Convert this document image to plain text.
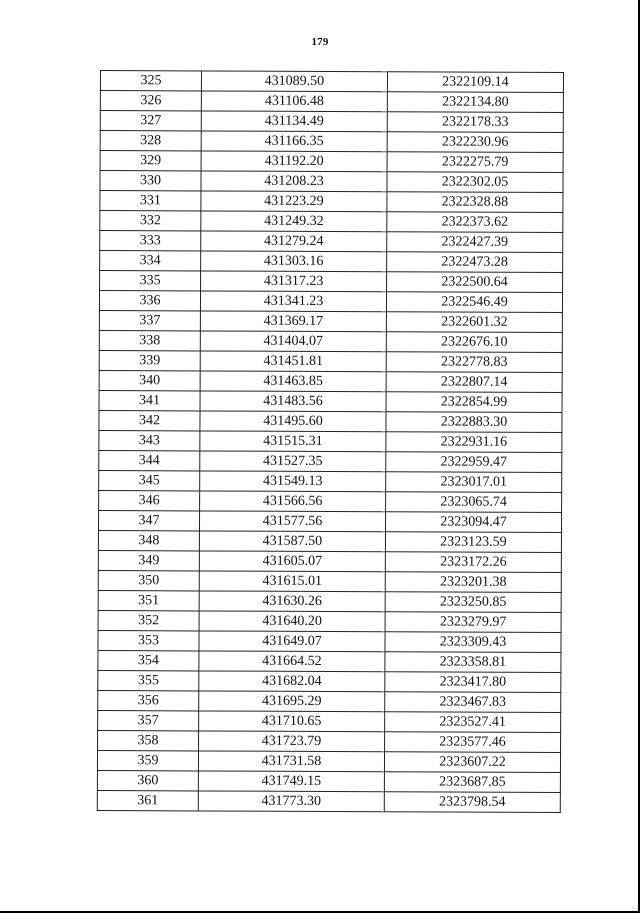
179
325	431089.50	2322109.14
326	431106.48	2322134.80
327	431134.49	2322178.33
328	431166.35	2322230.96
329	431192.20	2322275.79
330	431208.23	2322302.05
331	431223.29	2322328.88
332	431249.32	2322373.62
333	431279.24	2322427.39
334	431303.16	2322473.28
335	431317.23	2322500.64
336	431341.23	2322546.49
337	431369.17	2322601.32
338	431404.07	2322676.10
339	431451.81	2322778.83
340	431463.85	2322807.14
341	431483.56	2322854.99
342	431495.60	2322883.30
343	431515.31	2322931.16
344	431527.35	2322959.47
345	431549.13	2323017.01
346	431566.56	2323065.74
347	431577.56	2323094.47
348	431587.50	2323123.59
349	431605.07	2323172.26
350	431615.01	2323201.38
351	431630.26	2323250.85
352	431640.20	2323279.97
353	431649.07	2323309.43
354	431664.52	2323358.81
355	431682.04	2323417.80
356	431695.29	2323467.83
357	431710.65	2323527.41
358	431723.79	2323577.46
359	431731.58	2323607.22
360	431749.15	2323687.85
361	431773.30	2323798.54
